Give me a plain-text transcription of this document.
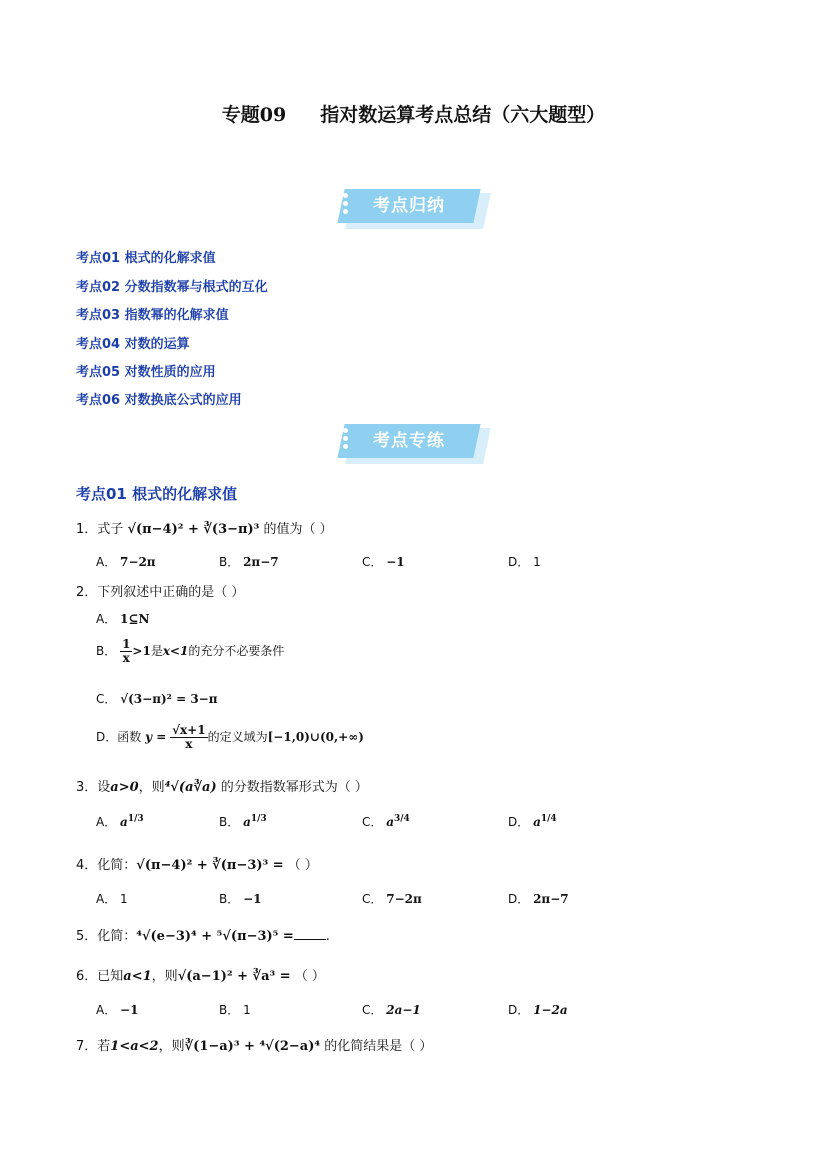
专题09 指对数运算考点总结（六大题型）
考点归纳
考点01 根式的化解求值
考点02 分数指数幂与根式的互化
考点03 指数幂的化解求值
考点04 对数的运算
考点05 对数性质的应用
考点06 对数换底公式的应用
考点专练
考点01 根式的化解求值
1．式子 √(π−4)² + ∛(3−π)³ 的值为（ ）
A． 7−2π	B． 2π−7	C． −1	D． 1
2．下列叙述中正确的是（ ）
A． 1⊆N
B． $\frac{1}{x} >1$是x<1的充分不必要条件
C． √(3−π)² = 3−π
D．函数 $y = \frac{√x+1}{x}$ 的定义域为[−1,0)∪(0,+∞)
3．设a>0，则⁴√(a∛a) 的分数指数幂形式为（ ）
A． $a^{1/3}$	B． $a^{1/3}$	C． $a^{3/4}$	D． $a^{1/4}$
4．化简：√(π−4)² + ∛(π−3)³ = （ ）
A． 1	B． −1	C． 7−2π	D． 2π−7
5．化简：⁴√(e−3)⁴ + ⁵√(π−3)⁵ = .
6．已知a<1，则√(a−1)² + ∛a³ = （ ）
A． −1	B． 1	C． 2a−1	D． 1−2a
7．若1<a<2，则∛(1−a)³ + ⁴√(2−a)⁴ 的化简结果是（ ）
